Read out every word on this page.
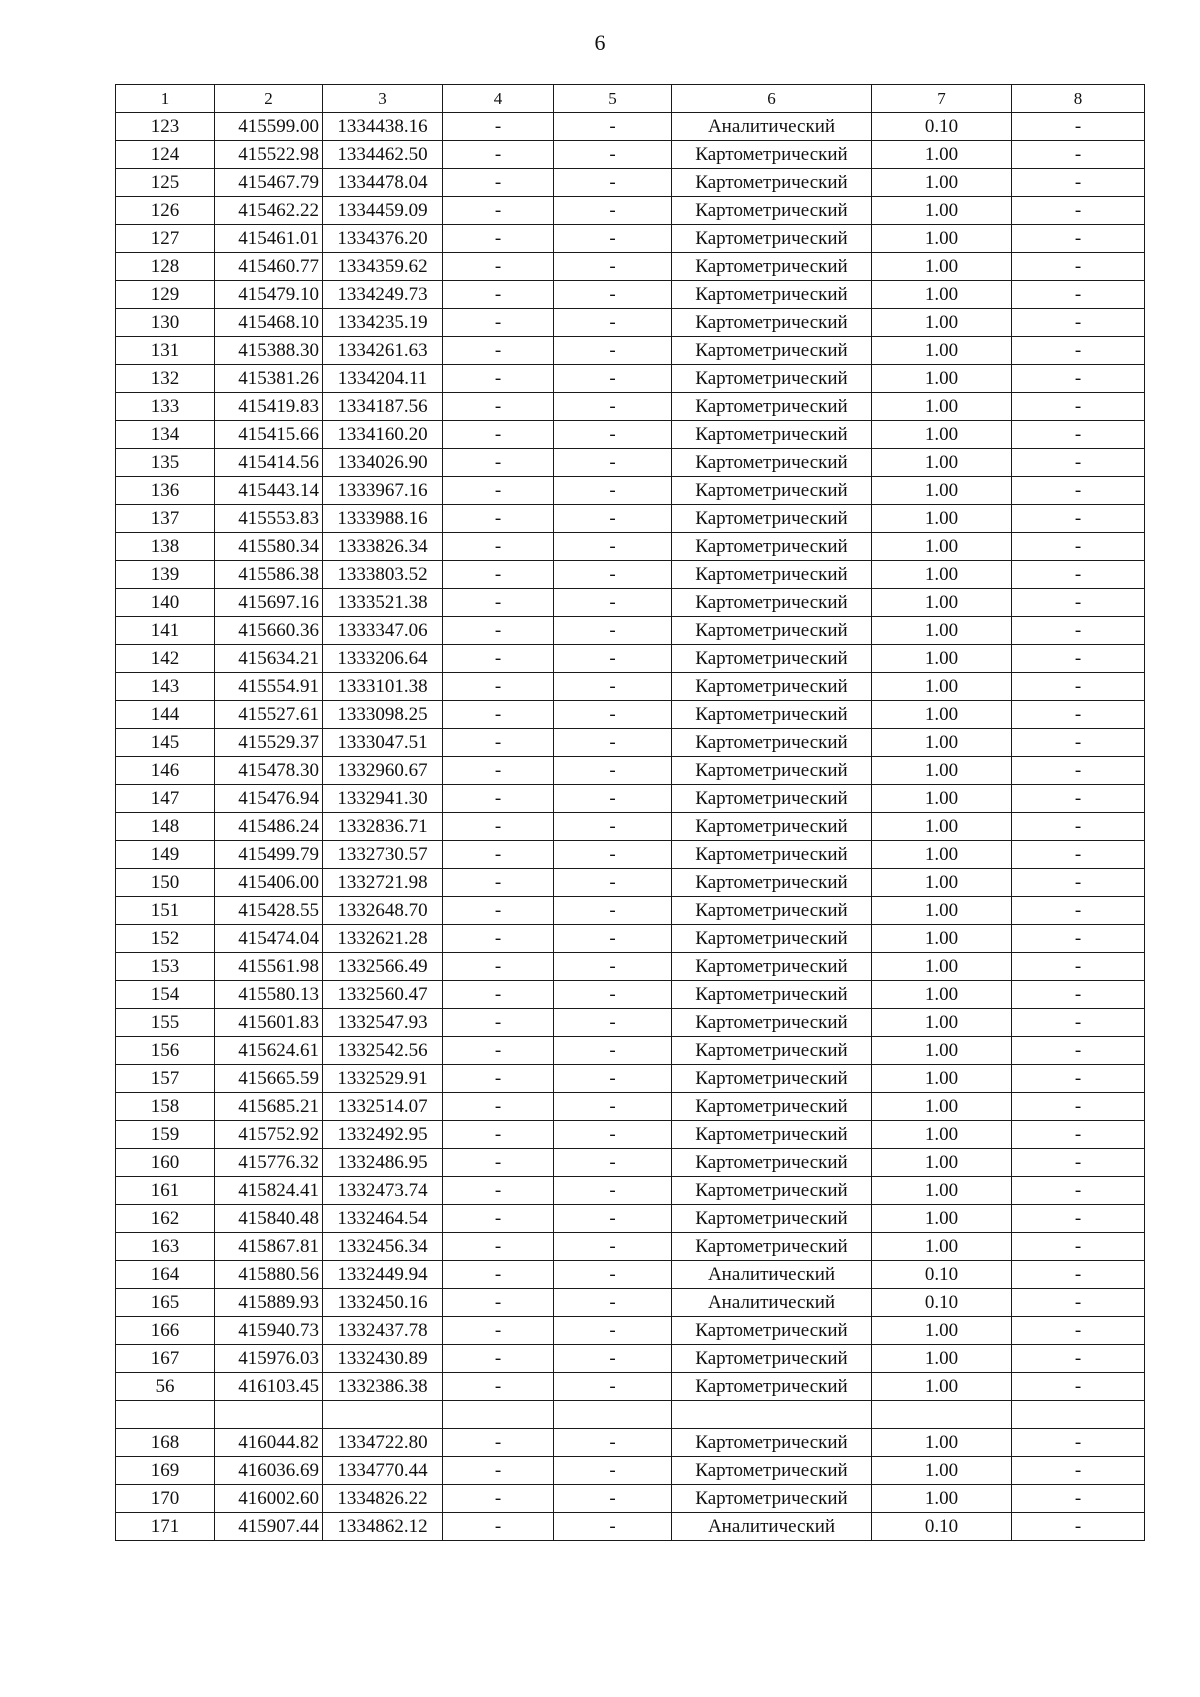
6
1	2	3	4	5	6	7	8
123	415599.00	1334438.16	-	-	Аналитический	0.10	-
124	415522.98	1334462.50	-	-	Картометрический	1.00	-
125	415467.79	1334478.04	-	-	Картометрический	1.00	-
126	415462.22	1334459.09	-	-	Картометрический	1.00	-
127	415461.01	1334376.20	-	-	Картометрический	1.00	-
128	415460.77	1334359.62	-	-	Картометрический	1.00	-
129	415479.10	1334249.73	-	-	Картометрический	1.00	-
130	415468.10	1334235.19	-	-	Картометрический	1.00	-
131	415388.30	1334261.63	-	-	Картометрический	1.00	-
132	415381.26	1334204.11	-	-	Картометрический	1.00	-
133	415419.83	1334187.56	-	-	Картометрический	1.00	-
134	415415.66	1334160.20	-	-	Картометрический	1.00	-
135	415414.56	1334026.90	-	-	Картометрический	1.00	-
136	415443.14	1333967.16	-	-	Картометрический	1.00	-
137	415553.83	1333988.16	-	-	Картометрический	1.00	-
138	415580.34	1333826.34	-	-	Картометрический	1.00	-
139	415586.38	1333803.52	-	-	Картометрический	1.00	-
140	415697.16	1333521.38	-	-	Картометрический	1.00	-
141	415660.36	1333347.06	-	-	Картометрический	1.00	-
142	415634.21	1333206.64	-	-	Картометрический	1.00	-
143	415554.91	1333101.38	-	-	Картометрический	1.00	-
144	415527.61	1333098.25	-	-	Картометрический	1.00	-
145	415529.37	1333047.51	-	-	Картометрический	1.00	-
146	415478.30	1332960.67	-	-	Картометрический	1.00	-
147	415476.94	1332941.30	-	-	Картометрический	1.00	-
148	415486.24	1332836.71	-	-	Картометрический	1.00	-
149	415499.79	1332730.57	-	-	Картометрический	1.00	-
150	415406.00	1332721.98	-	-	Картометрический	1.00	-
151	415428.55	1332648.70	-	-	Картометрический	1.00	-
152	415474.04	1332621.28	-	-	Картометрический	1.00	-
153	415561.98	1332566.49	-	-	Картометрический	1.00	-
154	415580.13	1332560.47	-	-	Картометрический	1.00	-
155	415601.83	1332547.93	-	-	Картометрический	1.00	-
156	415624.61	1332542.56	-	-	Картометрический	1.00	-
157	415665.59	1332529.91	-	-	Картометрический	1.00	-
158	415685.21	1332514.07	-	-	Картометрический	1.00	-
159	415752.92	1332492.95	-	-	Картометрический	1.00	-
160	415776.32	1332486.95	-	-	Картометрический	1.00	-
161	415824.41	1332473.74	-	-	Картометрический	1.00	-
162	415840.48	1332464.54	-	-	Картометрический	1.00	-
163	415867.81	1332456.34	-	-	Картометрический	1.00	-
164	415880.56	1332449.94	-	-	Аналитический	0.10	-
165	415889.93	1332450.16	-	-	Аналитический	0.10	-
166	415940.73	1332437.78	-	-	Картометрический	1.00	-
167	415976.03	1332430.89	-	-	Картометрический	1.00	-
56	416103.45	1332386.38	-	-	Картометрический	1.00	-

168	416044.82	1334722.80	-	-	Картометрический	1.00	-
169	416036.69	1334770.44	-	-	Картометрический	1.00	-
170	416002.60	1334826.22	-	-	Картометрический	1.00	-
171	415907.44	1334862.12	-	-	Аналитический	0.10	-
